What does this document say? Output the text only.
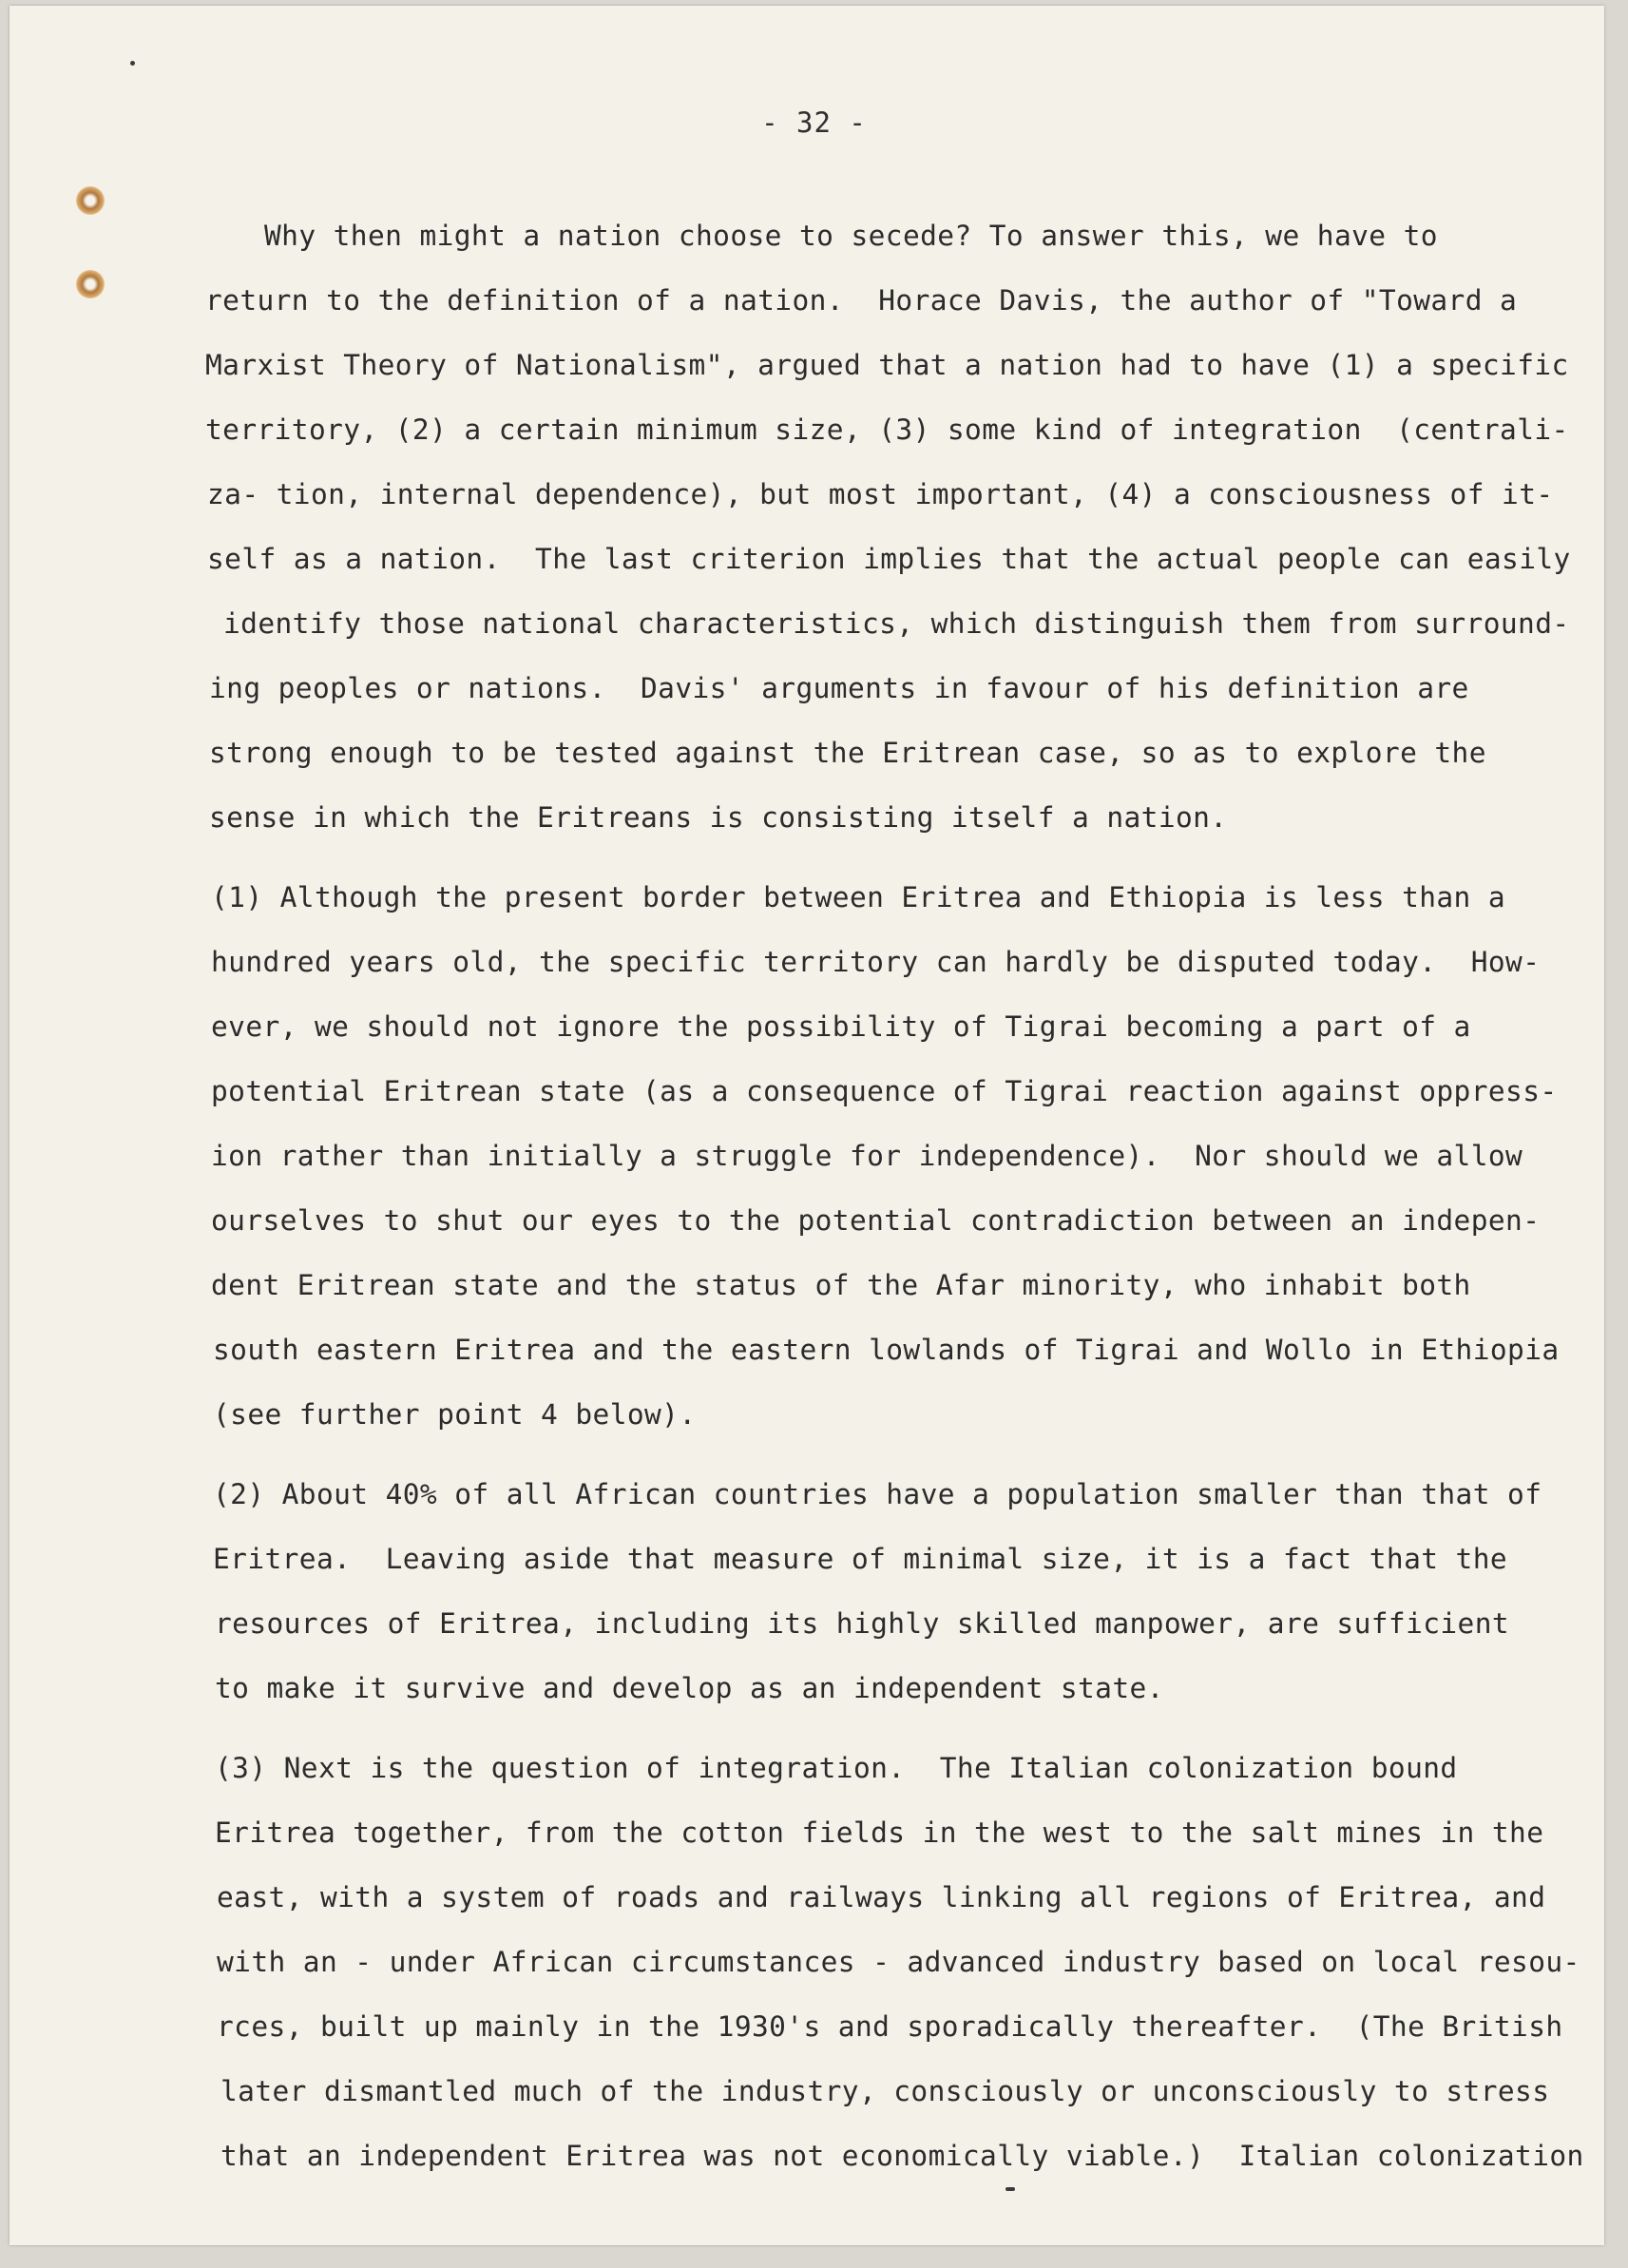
- 32 -
Why then might a nation choose to secede? To answer this, we have to
return to the definition of a nation.  Horace Davis, the author of "Toward a
Marxist Theory of Nationalism", argued that a nation had to have (1) a specific
territory, (2) a certain minimum size, (3) some kind of integration  (centrali-
za- tion, internal dependence), but most important, (4) a consciousness of it-
self as a nation.  The last criterion implies that the actual people can easily
identify those national characteristics, which distinguish them from surround-
ing peoples or nations.  Davis' arguments in favour of his definition are
strong enough to be tested against the Eritrean case, so as to explore the
sense in which the Eritreans is consisting itself a nation.
(1) Although the present border between Eritrea and Ethiopia is less than a
hundred years old, the specific territory can hardly be disputed today.  How-
ever, we should not ignore the possibility of Tigrai becoming a part of a
potential Eritrean state (as a consequence of Tigrai reaction against oppress-
ion rather than initially a struggle for independence).  Nor should we allow
ourselves to shut our eyes to the potential contradiction between an indepen-
dent Eritrean state and the status of the Afar minority, who inhabit both
south eastern Eritrea and the eastern lowlands of Tigrai and Wollo in Ethiopia
(see further point 4 below).
(2) About 40% of all African countries have a population smaller than that of
Eritrea.  Leaving aside that measure of minimal size, it is a fact that the
resources of Eritrea, including its highly skilled manpower, are sufficient
to make it survive and develop as an independent state.
(3) Next is the question of integration.  The Italian colonization bound
Eritrea together, from the cotton fields in the west to the salt mines in the
east, with a system of roads and railways linking all regions of Eritrea, and
with an - under African circumstances - advanced industry based on local resou-
rces, built up mainly in the 1930's and sporadically thereafter.  (The British
later dismantled much of the industry, consciously or unconsciously to stress
that an independent Eritrea was not economically viable.)  Italian colonization
